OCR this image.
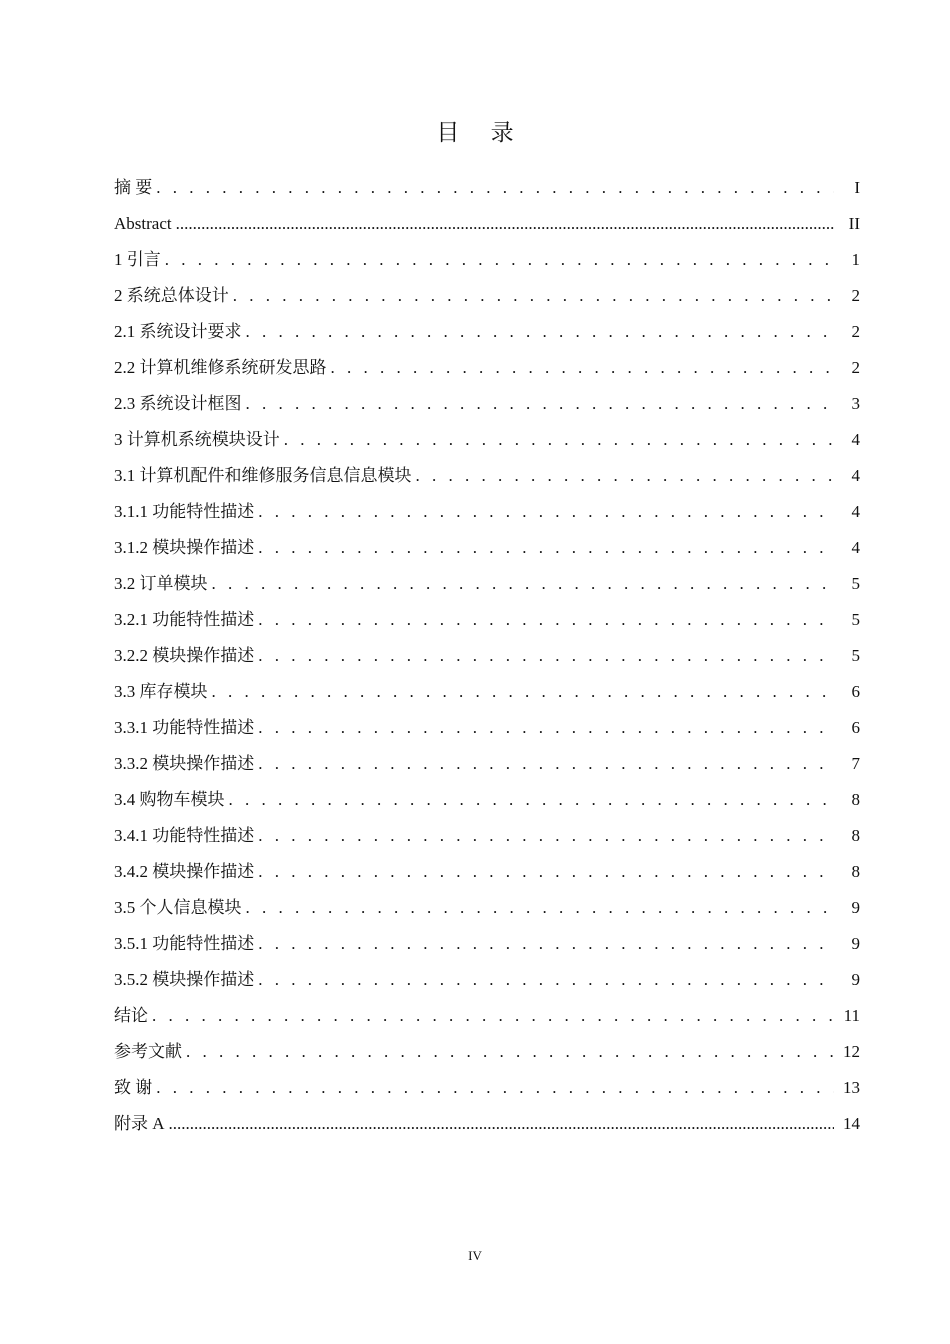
目 录
摘 要 . . .	I
Abstract .....	II
1 引言 . . .	1
2 系统总体设计 . . .	2
2.1 系统设计要求 . . .	2
2.2 计算机维修系统研发思路 . . .	2
2.3 系统设计框图 . . .	3
3 计算机系统模块设计 . . .	4
3.1 计算机配件和维修服务信息信息模块 . . .	4
3.1.1 功能特性描述 . . .	4
3.1.2 模块操作描述 . . .	4
3.2 订单模块 . . .	5
3.2.1 功能特性描述 . . .	5
3.2.2 模块操作描述 . . .	5
3.3 库存模块 . . .	6
3.3.1 功能特性描述 . . .	6
3.3.2 模块操作描述 . . .	7
3.4 购物车模块 . . .	8
3.4.1 功能特性描述 . . .	8
3.4.2 模块操作描述 . . .	8
3.5 个人信息模块 . . .	9
3.5.1 功能特性描述 . . .	9
3.5.2 模块操作描述 . . .	9
结论 . . .	11
参考文献 . . .	12
致 谢 . . .	13
附录 A .....	14
IV
